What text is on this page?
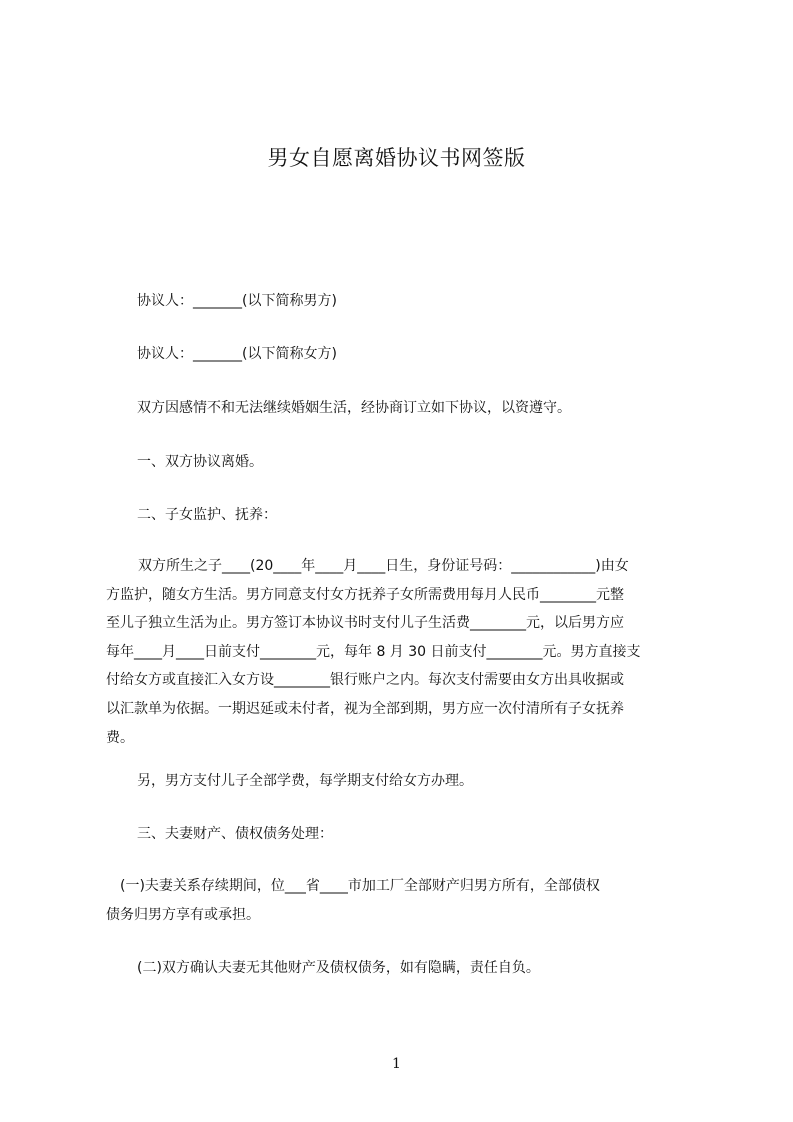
男女自愿离婚协议书网签版

协议人：_______(以下简称男方)

协议人：_______(以下简称女方)

双方因感情不和无法继续婚姻生活，经协商订立如下协议，以资遵守。

一、双方协议离婚。

二、子女监护、抚养：

双方所生之子____(20____年____月____日生，身份证号码：____________)由女
方监护，随女方生活。男方同意支付女方抚养子女所需费用每月人民币________元整
至儿子独立生活为止。男方签订本协议书时支付儿子生活费________元，以后男方应
每年____月____日前支付________元，每年 8 月 30 日前支付________元。男方直接支
付给女方或直接汇入女方设________银行账户之内。每次支付需要由女方出具收据或
以汇款单为依据。一期迟延或未付者，视为全部到期，男方应一次付清所有子女抚养
费。

另，男方支付儿子全部学费，每学期支付给女方办理。

三、夫妻财产、债权债务处理：

(一)夫妻关系存续期间，位___省____市加工厂全部财产归男方所有，全部债权
债务归男方享有或承担。

(二)双方确认夫妻无其他财产及债权债务，如有隐瞒，责任自负。

1
